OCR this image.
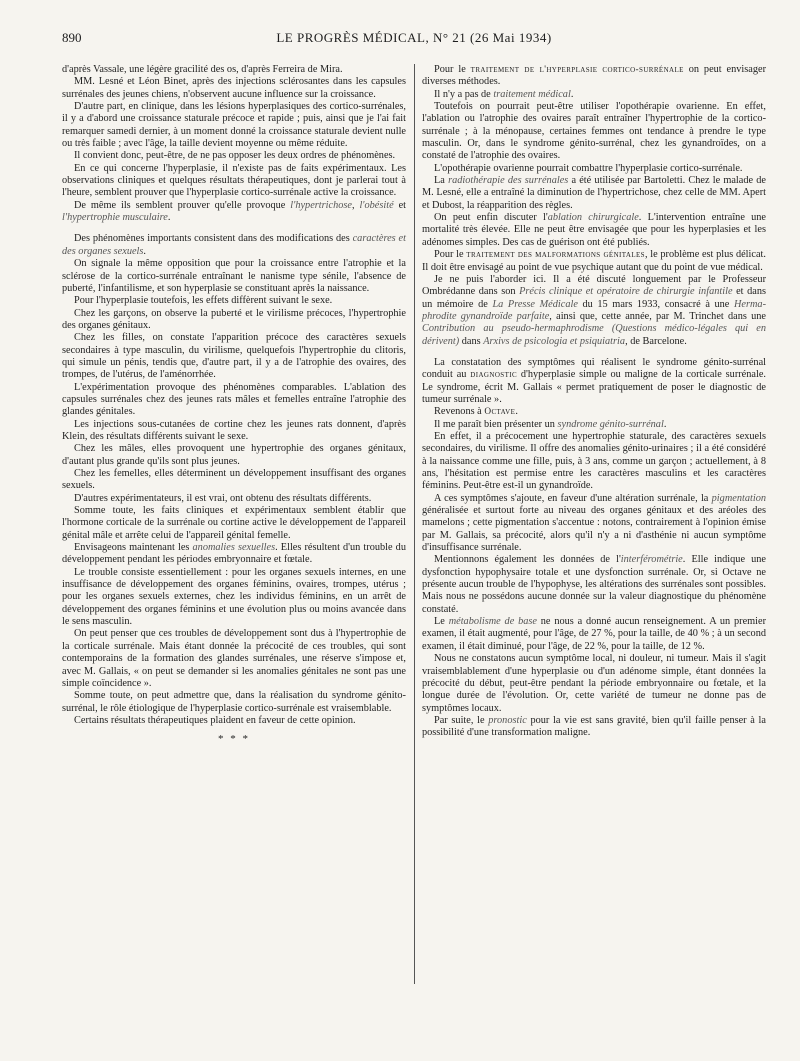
890	LE PROGRÈS MÉDICAL, N° 21 (26 Mai 1934)

d'après Vassale, une légère gracilité des os, d'après Ferreira de Mira.

MM. Lesné et Léon Binet, après des injections sclérosantes dans les capsules surrénales des jeunes chiens, n'observent aucune influence sur la croissance.

D'autre part, en clinique, dans les lésions hyperplasiques des cortico-surrénales, il y a d'abord une croissance staturale précoce et rapide ; puis, ainsi que je l'ai fait remarquer samedi dernier, à un moment donné la croissance staturale devient nulle ou très faible ; avec l'âge, la taille devient moyenne ou même réduite.

Il convient donc, peut-être, de ne pas opposer les deux ordres de phénomènes.

En ce qui concerne l'hyperplasie, il n'existe pas de faits expérimentaux. Les observations cliniques et quelques résultats thérapeutiques, dont je parlerai tout à l'heure, semblent prouver que l'hyperplasie cortico-surrénale active la croissance.

De même ils semblent prouver qu'elle provoque l'hypertrichose, l'obésité et l'hypertrophie musculaire.

Des phénomènes importants consistent dans des modifications des caractères et des organes sexuels.

On signale la même opposition que pour la croissance entre l'atrophie et la sclérose de la cortico-surrénale entraînant le nanisme type sénile, l'absence de puberté, l'infantilisme, et son hyperplasie se constituant après la naissance.

Pour l'hyperplasie toutefois, les effets diffèrent suivant le sexe.

Chez les garçons, on observe la puberté et le virilisme précoces, l'hypertrophie des organes génitaux.

Chez les filles, on constate l'apparition précoce des caractères sexuels secondaires à type masculin, du virilisme, quelquefois l'hypertrophie du clitoris, qui simule un pénis, tendis que, d'autre part, il y a de l'atrophie des ovaires, des trompes, de l'utérus, de l'aménorrhée.

L'expérimentation provoque des phénomènes comparables. L'ablation des capsules surrénales chez des jeunes rats mâles et femelles entraîne l'atrophie des glandes génitales.

Les injections sous-cutanées de cortine chez les jeunes rats donnent, d'après Klein, des résultats différents suivant le sexe.

Chez les mâles, elles provoquent une hypertrophie des organes génitaux, d'autant plus grande qu'ils sont plus jeunes.

Chez les femelles, elles déterminent un développement insuffisant des organes sexuels.

D'autres expérimentateurs, il est vrai, ont obtenu des résultats différents.

Somme toute, les faits cliniques et expérimentaux semblent établir que l'hormone corticale de la surrénale ou cortine active le développement de l'appareil génital mâle et arrête celui de l'appareil génital femelle.

Envisageons maintenant les anomalies sexuelles. Elles résultent d'un trouble du développement pendant les périodes embryonnaire et fœtale.

Le trouble consiste essentiellement : pour les organes sexuels internes, en une insuffisance de développement des organes féminins, ovaires, trompes, utérus ; pour les organes sexuels externes, chez les individus féminins, en un arrêt de développement des organes féminins et une évolution plus ou moins avancée dans le sens masculin.

On peut penser que ces troubles de développement sont dus à l'hypertrophie de la corticale surrénale. Mais étant donnée la précocité de ces troubles, qui sont contemporains de la formation des glandes surrénales, une réserve s'impose et, avec M. Gallais, « on peut se demander si les anomalies génitales ne sont pas une simple coïncidence ».

Somme toute, on peut admettre que, dans la réalisation du syndrome génito-surrénal, le rôle étiologique de l'hyperplasie cortico-surrénale est vraisemblable.

Certains résultats thérapeutiques plaident en faveur de cette opinion.

* * *

Pour le traitement de l'hyperplasie cortico-surrénale on peut envisager diverses méthodes.

Il n'y a pas de traitement médical.

Toutefois on pourrait peut-être utiliser l'opothérapie ovarienne. En effet, l'ablation ou l'atrophie des ovaires paraît entraîner l'hypertrophie de la cortico-surrénale ; à la ménopause, certaines femmes ont tendance à prendre le type masculin. Or, dans le syndrome génito-surrénal, chez les gynandroïdes, on a constaté de l'atrophie des ovaires.

L'opothérapie ovarienne pourrait combattre l'hyperplasie cortico-surrénale.

La radiothérapie des surrénales a été utilisée par Bartoletti. Chez le malade de M. Lesné, elle a entraîné la diminution de l'hypertrichose, chez celle de MM. Apert et Dubost, la réapparition des règles.

On peut enfin discuter l'ablation chirurgicale. L'intervention entraîne une mortalité très élevée. Elle ne peut être envisagée que pour les hyperplasies et les adénomes simples. Des cas de guérison ont été publiés.

Pour le traitement des malformations génitales, le problème est plus délicat. Il doit être envisagé au point de vue psychique autant que du point de vue médical.

Je ne puis l'aborder ici. Il a été discuté longuement par le Professeur Ombrédanne dans son Précis clinique et opératoire de chirurgie infantile et dans un mémoire de La Presse Médicale du 15 mars 1933, consacré à une Hermaphrodite gynandroïde parfaite, ainsi que, cette année, par M. Trinchet dans une Contribution au pseudo-hermaphrodisme (Questions médico-légales qui en dérivent) dans Arxivs de psicologia et psiquiatria, de Barcelone.

La constatation des symptômes qui réalisent le syndrome génito-surrénal conduit au diagnostic d'hyperplasie simple ou maligne de la corticale surrénale. Le syndrome, écrit M. Gallais « permet pratiquement de poser le diagnostic de tumeur surrénale ».

Revenons à Octave.

Il me paraît bien présenter un syndrome génito-surrénal.

En effet, il a précocement une hypertrophie staturale, des caractères sexuels secondaires, du virilisme. Il offre des anomalies génito-urinaires ; il a été considéré à la naissance comme une fille, puis, à 3 ans, comme un garçon ; actuellement, à 8 ans, l'hésitation est permise entre les caractères masculins et les caractères féminins. Peut-être est-il un gynandroïde.

A ces symptômes s'ajoute, en faveur d'une altération surrénale, la pigmentation généralisée et surtout forte au niveau des organes génitaux et des aréoles des mamelons ; cette pigmentation s'accentue : notons, contrairement à l'opinion émise par M. Gallais, sa précocité, alors qu'il n'y a ni d'asthénie ni aucun symptôme d'insuffisance surrénale.

Mentionnons également les données de l'interférométrie. Elle indique une dysfonction hypophysaire totale et une dysfonction surrénale. Or, si Octave ne présente aucun trouble de l'hypophyse, les altérations des surrénales sont possibles. Mais nous ne possédons aucune donnée sur la valeur diagnostique du phénomène constaté.

Le métabolisme de base ne nous a donné aucun renseignement. A un premier examen, il était augmenté, pour l'âge, de 27 %, pour la taille, de 40 % ; à un second examen, il était diminué, pour l'âge, de 22 %, pour la taille, de 12 %.

Nous ne constatons aucun symptôme local, ni douleur, ni tumeur. Mais il s'agit vraisemblablement d'une hyperplasie ou d'un adénome simple, étant données la précocité du début, peut-être pendant la période embryonnaire ou fœtale, et la longue durée de l'évolution. Or, cette variété de tumeur ne donne pas de symptômes locaux.

Par suite, le pronostic pour la vie est sans gravité, bien qu'il faille penser à la possibilité d'une transformation maligne.
